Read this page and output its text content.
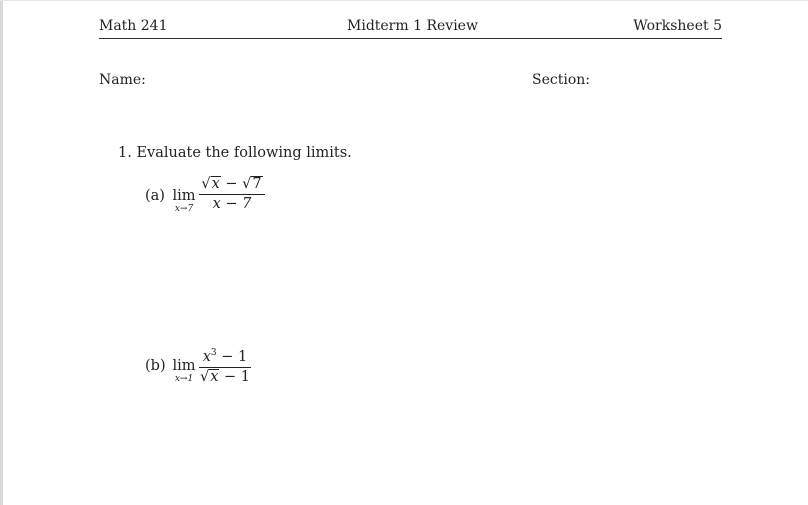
Math 241	Midterm 1 Review	Worksheet 5
Name:	Section:
1. Evaluate the following limits.
(a) lim
x→7
√x − √7
x − 7
(b) lim
x→1
$x^3 - 1$
√x − 1
